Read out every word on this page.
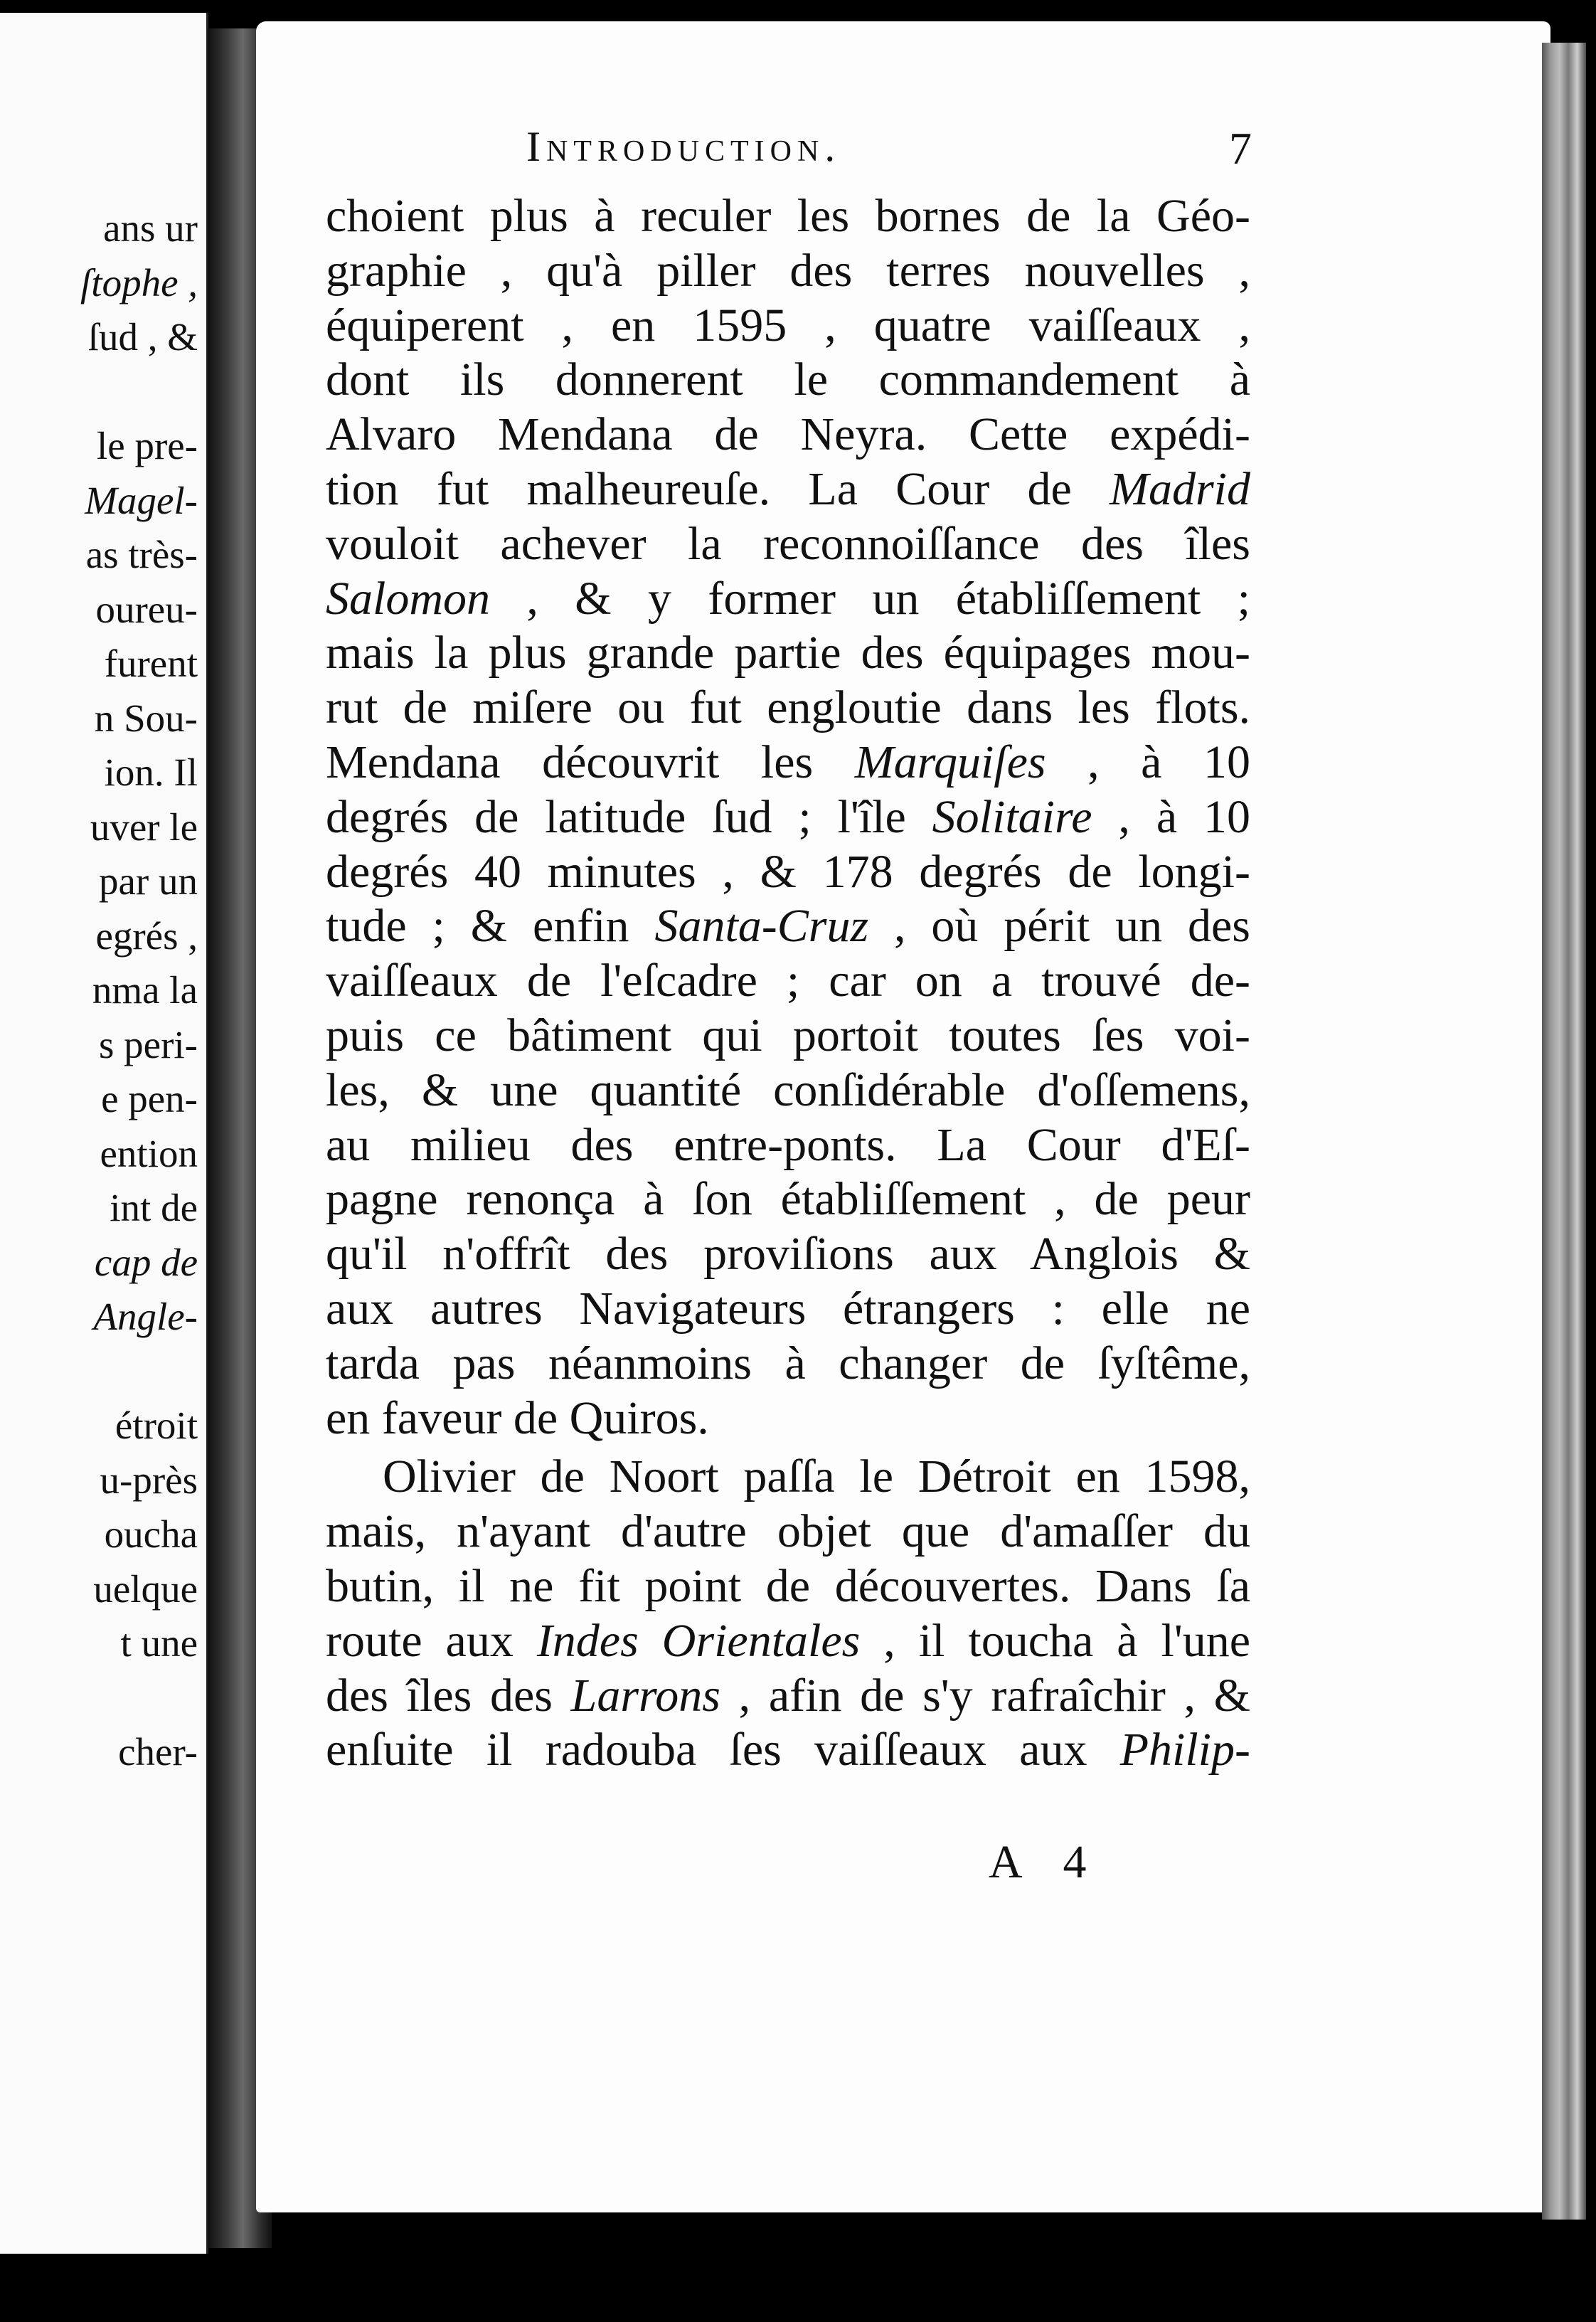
ans ur
ſtophe ,
ſud , &
le pre-
Magel-
as très-
oureu-
furent
n Sou-
ion. Il
uver le
par un
egrés ,
nma la
s peri-
e pen-
ention
int de
cap de
Angle-
étroit
u-près
oucha
uelque
t une
cher-
Introduction.	7
choient plus à reculer les bornes de la Géo-
graphie , qu'à piller des terres nouvelles ,
équiperent , en 1595 , quatre vaiſſeaux ,
dont ils donnerent le commandement à
Alvaro Mendana de Neyra. Cette expédi-
tion fut malheureuſe. La Cour de Madrid
vouloit achever la reconnoiſſance des îles
Salomon , & y former un établiſſement ;
mais la plus grande partie des équipages mou-
rut de miſere ou fut engloutie dans les flots.
Mendana découvrit les Marquiſes , à 10
degrés de latitude ſud ; l'île Solitaire , à 10
degrés 40 minutes , & 178 degrés de longi-
tude ; & enfin Santa-Cruz , où périt un des
vaiſſeaux de l'eſcadre ; car on a trouvé de-
puis ce bâtiment qui portoit toutes ſes voi-
les, & une quantité conſidérable d'oſſemens,
au milieu des entre-ponts. La Cour d'Eſ-
pagne renonça à ſon établiſſement , de peur
qu'il n'offrît des proviſions aux Anglois &
aux autres Navigateurs étrangers : elle ne
tarda pas néanmoins à changer de ſyſtême,
en faveur de Quiros.
Olivier de Noort paſſa le Détroit en 1598,
mais, n'ayant d'autre objet que d'amaſſer du
butin, il ne fit point de découvertes. Dans ſa
route aux Indes Orientales , il toucha à l'une
des îles des Larrons , afin de s'y rafraîchir , &
enſuite il radouba ſes vaiſſeaux aux Philip-
A 4
